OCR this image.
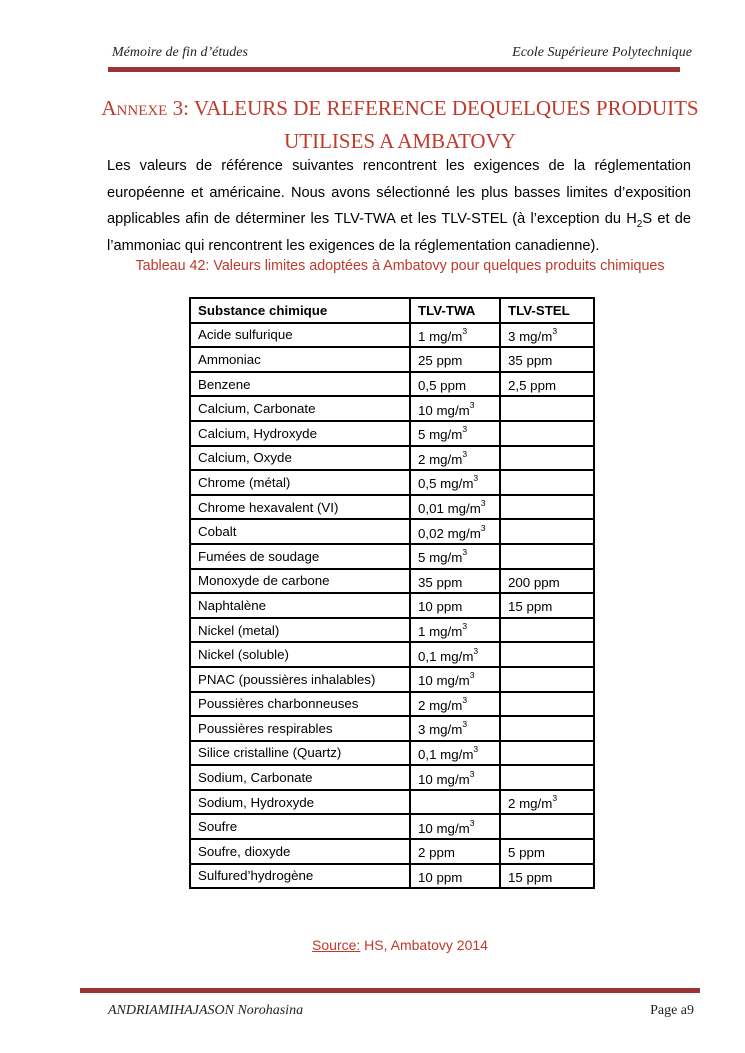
Mémoire de fin d’études	Ecole Supérieure Polytechnique
Annexe 3: VALEURS DE REFERENCE DEQUELQUES PRODUITS
UTILISES A AMBATOVY
Les valeurs de référence suivantes rencontrent les exigences de la réglementation européenne et américaine. Nous avons sélectionné les plus basses limites d’exposition applicables afin de déterminer les TLV-TWA et les TLV-STEL (à l’exception du $H_2S$ et de l’ammoniac qui rencontrent les exigences de la réglementation canadienne).
Tableau 42: Valeurs limites adoptées à Ambatovy pour quelques produits chimiques
Substance chimique	TLV-TWA	TLV-STEL
Acide sulfurique	1 $mg/m^3$	3 $mg/m^3$
Ammoniac	25 ppm	35 ppm
Benzene	0,5 ppm	2,5 ppm
Calcium, Carbonate	10 $mg/m^3$	
Calcium, Hydroxyde	5 $mg/m^3$	
Calcium, Oxyde	2 $mg/m^3$	
Chrome (métal)	0,5 $mg/m^3$	
Chrome hexavalent (VI)	0,01 $mg/m^3$	
Cobalt	0,02 $mg/m^3$	
Fumées de soudage	5 $mg/m^3$	
Monoxyde de carbone	35 ppm	200 ppm
Naphtalène	10 ppm	15 ppm
Nickel (metal)	1 $mg/m^3$	
Nickel (soluble)	0,1 $mg/m^3$	
PNAC (poussières inhalables)	10 $mg/m^3$	
Poussières charbonneuses	2 $mg/m^3$	
Poussières respirables	3 $mg/m^3$	
Silice cristalline (Quartz)	0,1 $mg/m^3$	
Sodium, Carbonate	10 $mg/m^3$	
Sodium, Hydroxyde		2 $mg/m^3$
Soufre	10 $mg/m^3$	
Soufre, dioxyde	2 ppm	5 ppm
Sulfured’hydrogène	10 ppm	15 ppm
Source: HS, Ambatovy 2014
ANDRIAMIHAJASON Norohasina	Page a9
